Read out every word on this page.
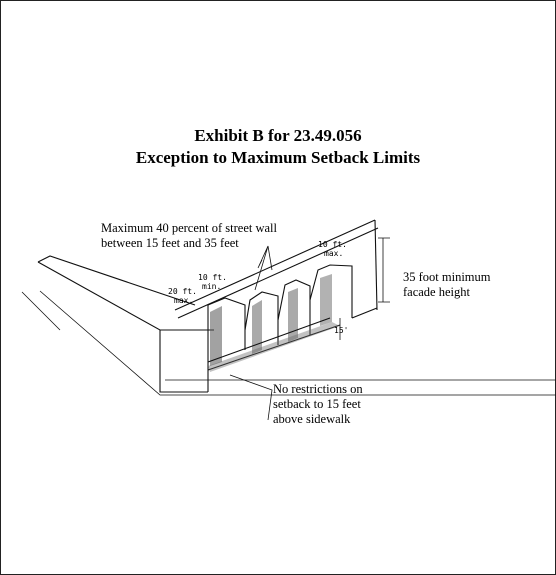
Exhibit B for 23.49.056
Exception to Maximum Setback Limits
10 ft.
max.
10 ft.
min.
20 ft.
max.
15'
Maximum 40 percent of street wall
between 15 feet and 35 feet
35 foot minimum
facade height
No restrictions on
setback to 15 feet
above sidewalk
